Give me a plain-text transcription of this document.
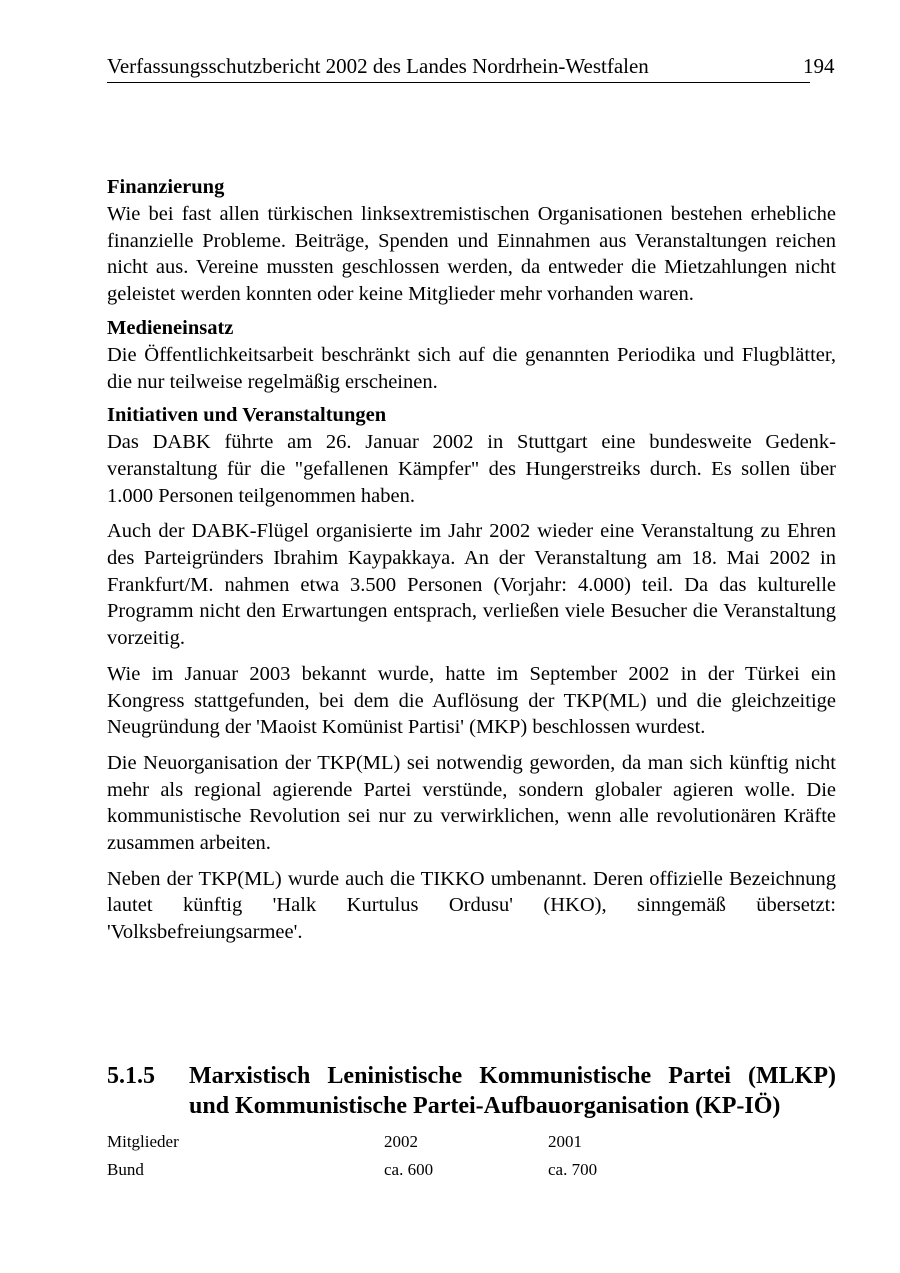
Verfassungsschutzbericht 2002 des Landes Nordrhein-Westfalen	194
Finanzierung

Wie bei fast allen türkischen linksextremistischen Organisationen bestehen erhebliche finanzielle Probleme. Beiträge, Spenden und Einnahmen aus Veranstaltungen reichen nicht aus. Vereine mussten geschlossen werden, da entweder die Mietzahlungen nicht geleistet werden konnten oder keine Mitglieder mehr vorhanden waren.

Medieneinsatz

Die Öffentlichkeitsarbeit beschränkt sich auf die genannten Periodika und Flugblätter, die nur teilweise regelmäßig erscheinen.

Initiativen und Veranstaltungen

Das DABK führte am 26. Januar 2002 in Stuttgart eine bundesweite Gedenkveranstaltung für die "gefallenen Kämpfer" des Hungerstreiks durch. Es sollen über 1.000 Personen teilgenommen haben.

Auch der DABK-Flügel organisierte im Jahr 2002 wieder eine Veranstaltung zu Ehren des Parteigründers Ibrahim Kaypakkaya. An der Veranstaltung am 18. Mai 2002 in Frankfurt/M. nahmen etwa 3.500 Personen (Vorjahr: 4.000) teil. Da das kulturelle Programm nicht den Erwartungen entsprach, verließen viele Besucher die Veranstaltung vorzeitig.

Wie im Januar 2003 bekannt wurde, hatte im September 2002 in der Türkei ein Kongress stattgefunden, bei dem die Auflösung der TKP(ML) und die gleichzeitige Neugründung der 'Maoist Komünist Partisi' (MKP) beschlossen wurdest.

Die Neuorganisation der TKP(ML) sei notwendig geworden, da man sich künftig nicht mehr als regional agierende Partei verstünde, sondern globaler agieren wolle. Die kommunistische Revolution sei nur zu verwirklichen, wenn alle revolutionären Kräfte zusammen arbeiten.

Neben der TKP(ML) wurde auch die TIKKO umbenannt. Deren offizielle Bezeichnung lautet künftig 'Halk Kurtulus Ordusu' (HKO), sinngemäß übersetzt: 'Volksbefreiungsarmee'.

5.1.5 Marxistisch Leninistische Kommunistische Partei (MLKP) und Kommunistische Partei-Aufbauorganisation (KP-IÖ)
Mitglieder	2002	2001
Bund	ca. 600	ca. 700
